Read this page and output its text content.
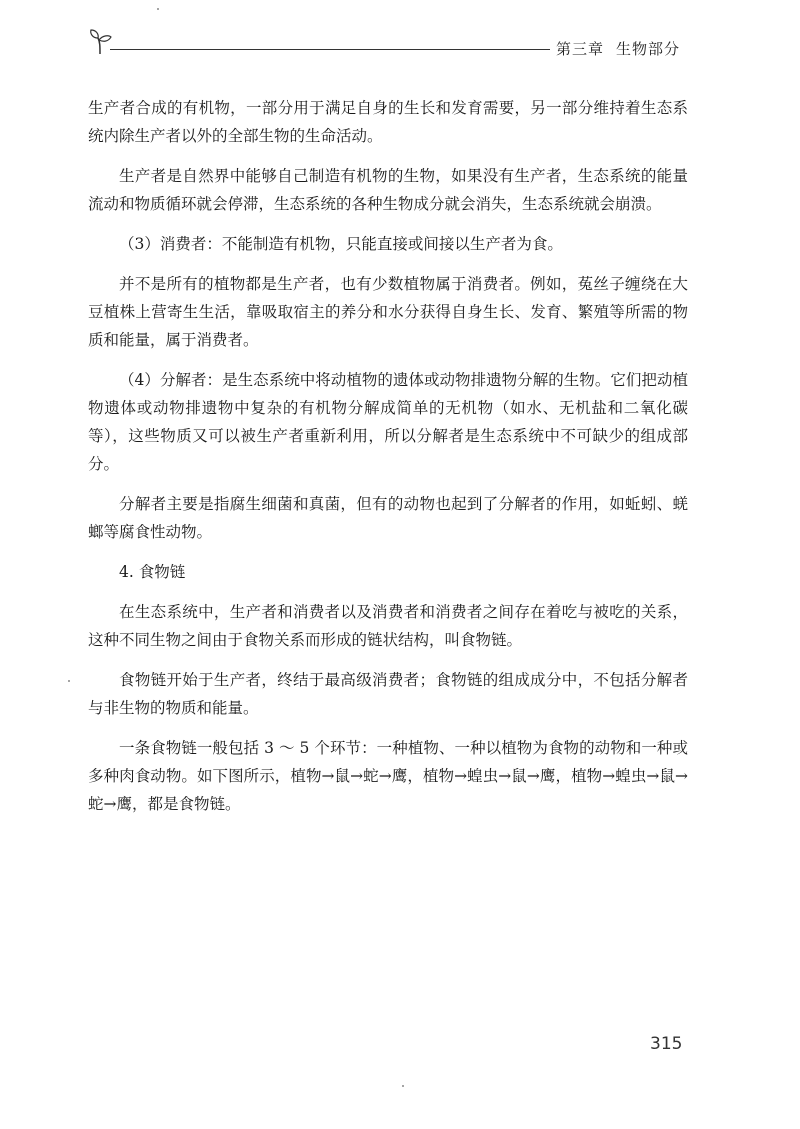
第三章 生物部分

生产者合成的有机物，一部分用于满足自身的生长和发育需要，另一部分维持着生态系统内除生产者以外的全部生物的生命活动。

生产者是自然界中能够自己制造有机物的生物，如果没有生产者，生态系统的能量流动和物质循环就会停滞，生态系统的各种生物成分就会消失，生态系统就会崩溃。

（3）消费者：不能制造有机物，只能直接或间接以生产者为食。

并不是所有的植物都是生产者，也有少数植物属于消费者。例如，菟丝子缠绕在大豆植株上营寄生生活，靠吸取宿主的养分和水分获得自身生长、发育、繁殖等所需的物质和能量，属于消费者。

（4）分解者：是生态系统中将动植物的遗体或动物排遗物分解的生物。它们把动植物遗体或动物排遗物中复杂的有机物分解成简单的无机物（如水、无机盐和二氧化碳等），这些物质又可以被生产者重新利用，所以分解者是生态系统中不可缺少的组成部分。

分解者主要是指腐生细菌和真菌，但有的动物也起到了分解者的作用，如蚯蚓、蜣螂等腐食性动物。

4. 食物链

在生态系统中，生产者和消费者以及消费者和消费者之间存在着吃与被吃的关系，这种不同生物之间由于食物关系而形成的链状结构，叫食物链。

食物链开始于生产者，终结于最高级消费者；食物链的组成成分中，不包括分解者与非生物的物质和能量。

一条食物链一般包括 3 ～ 5 个环节：一种植物、一种以植物为食物的动物和一种或多种肉食动物。如下图所示，植物→鼠→蛇→鹰，植物→蝗虫→鼠→鹰，植物→蝗虫→鼠→蛇→鹰，都是食物链。

315
